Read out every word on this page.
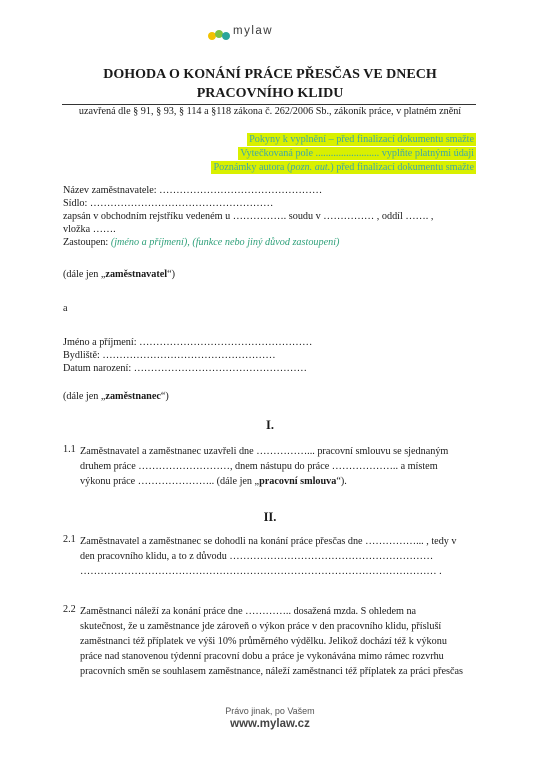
mylaw
DOHODA O KONÁNÍ PRÁCE PŘESČAS VE DNECH
PRACOVNÍHO KLIDU
uzavřená dle § 91, § 93, § 114 a §118 zákona č. 262/2006 Sb., zákoník práce, v platném znění
Pokyny k vyplnění – před finalizací dokumentu smažte
Vytečkovaná pole ......................... vyplňte platnými údaji
Poznámky autora (pozn. aut.) před finalizací dokumentu smažte
Název zaměstnavatele: …………………………………………
Sídlo: ………………………………………………
zapsán v obchodním rejstříku vedeném u ……………. soudu v …………… , oddíl ……. ,
vložka …….
Zastoupen: (jméno a příjmení), (funkce nebo jiný důvod zastoupení)
(dále jen „zaměstnavatel“)
a
Jméno a příjmení: ……………………………………………
Bydliště: ……………………………………………
Datum narození: ……………………………………………
(dále jen „zaměstnanec“)
I.
1.1 Zaměstnavatel a zaměstnanec uzavřeli dne ……………... pracovní smlouvu se sjednaným
druhem práce ………………………, dnem nástupu do práce ……………….. a místem
výkonu práce ………………….. (dále jen „pracovní smlouva“).
II.
2.1 Zaměstnavatel a zaměstnanec se dohodli na konání práce přesčas dne ……………... , tedy v
den pracovního klidu, a to z důvodu ……………………………………………………
…………………………………………………………………………………………… .
2.2 Zaměstnanci náleží za konání práce dne ………….. dosažená mzda. S ohledem na
skutečnost, že u zaměstnance jde zároveň o výkon práce v den pracovního klidu, přísluší
zaměstnanci též příplatek ve výši 10% průměrného výdělku. Jelikož dochází též k výkonu
práce nad stanovenou týdenní pracovní dobu a práce je vykonávána mimo rámec rozvrhu
pracovních směn se souhlasem zaměstnance, náleží zaměstnanci též příplatek za práci přesčas
Právo jinak, po Vašem
www.mylaw.cz
